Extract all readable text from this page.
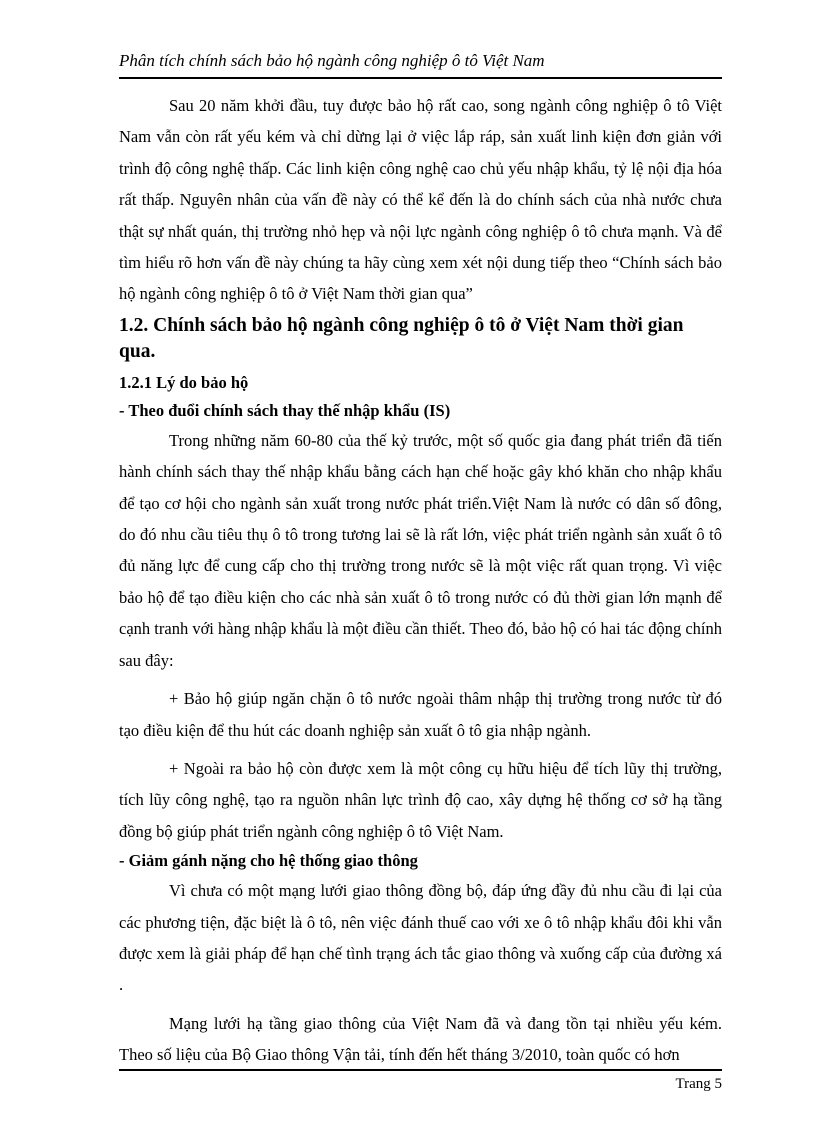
Phân tích chính sách bảo hộ ngành công nghiệp ô tô Việt Nam

Sau 20 năm khởi đầu, tuy được bảo hộ rất cao, song ngành công nghiệp ô tô Việt Nam vẫn còn rất yếu kém và chỉ dừng lại ở việc lắp ráp, sản xuất linh kiện đơn giản với trình độ công nghệ thấp. Các linh kiện công nghệ cao chủ yếu nhập khẩu, tỷ lệ nội địa hóa rất thấp. Nguyên nhân của vấn đề này có thể kể đến là do chính sách của nhà nước chưa thật sự nhất quán, thị trường nhỏ hẹp và nội lực ngành công nghiệp ô tô chưa mạnh. Và để tìm hiểu rõ hơn vấn đề này chúng ta hãy cùng xem xét nội dung tiếp theo “Chính sách bảo hộ ngành công nghiệp ô tô ở Việt Nam thời gian qua”

1.2. Chính sách bảo hộ ngành công nghiệp ô tô ở Việt Nam thời gian qua.
1.2.1 Lý do bảo hộ
- Theo đuổi chính sách thay thế nhập khẩu (IS)

Trong những năm 60-80 của thế kỷ trước, một số quốc gia đang phát triển đã tiến hành chính sách thay thế nhập khẩu bằng cách hạn chế hoặc gây khó khăn cho nhập khẩu để tạo cơ hội cho ngành sản xuất trong nước phát triển.Việt Nam là nước có dân số đông, do đó nhu cầu tiêu thụ ô tô trong tương lai sẽ là rất lớn, việc phát triển ngành sản xuất ô tô đủ năng lực để cung cấp cho thị trường trong nước sẽ là một việc rất quan trọng. Vì việc bảo hộ để tạo điều kiện cho các nhà sản xuất ô tô trong nước có đủ thời gian lớn mạnh để cạnh tranh với hàng nhập khẩu là một điều cần thiết. Theo đó, bảo hộ có hai tác động chính sau đây:

+ Bảo hộ giúp ngăn chặn ô tô nước ngoài thâm nhập thị trường trong nước từ đó tạo điều kiện để thu hút các doanh nghiệp sản xuất ô tô gia nhập ngành.

+ Ngoài ra bảo hộ còn được xem là một công cụ hữu hiệu để tích lũy thị trường, tích lũy công nghệ, tạo ra nguồn nhân lực trình độ cao, xây dựng hệ thống cơ sở hạ tầng đồng bộ giúp phát triển ngành công nghiệp ô tô Việt Nam.

- Giảm gánh nặng cho hệ thống giao thông

Vì chưa có một mạng lưới giao thông đồng bộ, đáp ứng đầy đủ nhu cầu đi lại của các phương tiện, đặc biệt là ô tô, nên việc đánh thuế cao với xe ô tô nhập khẩu đôi khi vẫn được xem là giải pháp để hạn chế tình trạng ách tắc giao thông và xuống cấp của đường xá .

Mạng lưới hạ tầng giao thông của Việt Nam đã và đang tồn tại nhiều yếu kém. Theo số liệu của Bộ Giao thông Vận tải, tính đến hết tháng 3/2010, toàn quốc có hơn

Trang 5
